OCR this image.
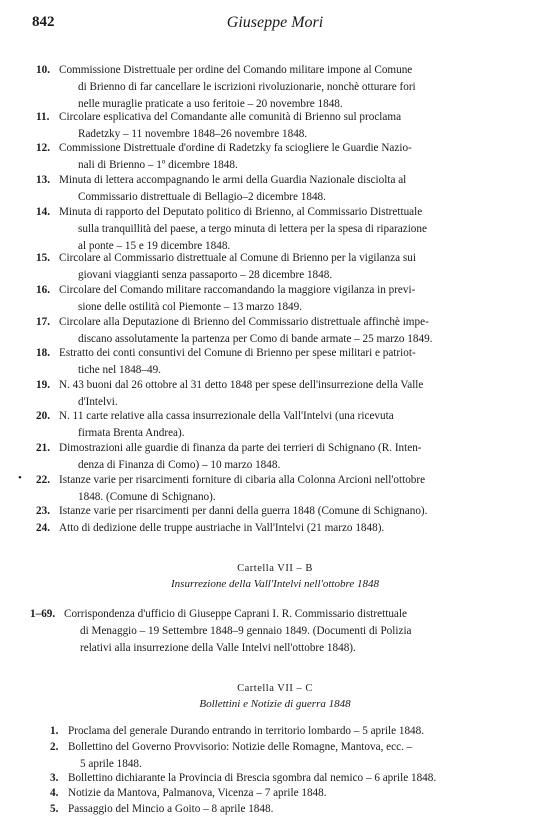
842	Giuseppe Mori
10. Commissione Distrettuale per ordine del Comando militare impone al Comune
di Brienno di far cancellare le iscrizioni rivoluzionarie, nonchè otturare fori
nelle muraglie praticate a uso feritoie – 20 novembre 1848.
11. Circolare esplicativa del Comandante alle comunità di Brienno sul proclama
Radetzky – 11 novembre 1848–26 novembre 1848.
12. Commissione Distrettuale d'ordine di Radetzky fa sciogliere le Guardie Nazio-
nali di Brienno – 1º dicembre 1848.
13. Minuta di lettera accompagnando le armi della Guardia Nazionale disciolta al
Commissario distrettuale di Bellagio–2 dicembre 1848.
14. Minuta di rapporto del Deputato politico di Brienno, al Commissario Distrettuale
sulla tranquillità del paese, a tergo minuta di lettera per la spesa di riparazione
al ponte – 15 e 19 dicembre 1848.
15. Circolare al Commissario distrettuale al Comune di Brienno per la vigilanza sui
giovani viaggianti senza passaporto – 28 dicembre 1848.
16. Circolare del Comando militare raccomandando la maggiore vigilanza in previ-
sione delle ostilità col Piemonte – 13 marzo 1849.
17. Circolare alla Deputazione di Brienno del Commissario distrettuale affinchè impe-
discano assolutamente la partenza per Como di bande armate – 25 marzo 1849.
18. Estratto dei conti consuntivi del Comune di Brienno per spese militari e patriot-
tiche nel 1848–49.
19. N. 43 buoni dal 26 ottobre al 31 detto 1848 per spese dell'insurrezione della Valle
d'Intelvi.
20. N. 11 carte relative alla cassa insurrezionale della Vall'Intelvi (una ricevuta
firmata Brenta Andrea).
21. Dimostrazioni alle guardie di finanza da parte dei terrieri di Schignano (R. Inten-
denza di Finanza di Como) – 10 marzo 1848.
22. Istanze varie per risarcimenti forniture di cibaria alla Colonna Arcioni nell'ottobre
1848. (Comune di Schignano).
23. Istanze varie per risarcimenti per danni della guerra 1848 (Comune di Schignano).
24. Atto di dedizione delle truppe austriache in Vall'Intelvi (21 marzo 1848).
Cartella VII – B
Insurrezione della Vall'Intelvi nell'ottobre 1848
1–69. Corrispondenza d'ufficio di Giuseppe Caprani I. R. Commissario distrettuale
di Menaggio – 19 Settembre 1848–9 gennaio 1849. (Documenti di Polizia
relativi alla insurrezione della Valle Intelvi nell'ottobre 1848).
Cartella VII – C
Bollettini e Notizie di guerra 1848
1. Proclama del generale Durando entrando in territorio lombardo – 5 aprile 1848.
2. Bollettino del Governo Provvisorio: Notizie delle Romagne, Mantova, ecc. –
5 aprile 1848.
3. Bollettino dichiarante la Provincia di Brescia sgombra dal nemico – 6 aprile 1848.
4. Notizie da Mantova, Palmanova, Vicenza – 7 aprile 1848.
5. Passaggio del Mincio a Goito – 8 aprile 1848.
•
